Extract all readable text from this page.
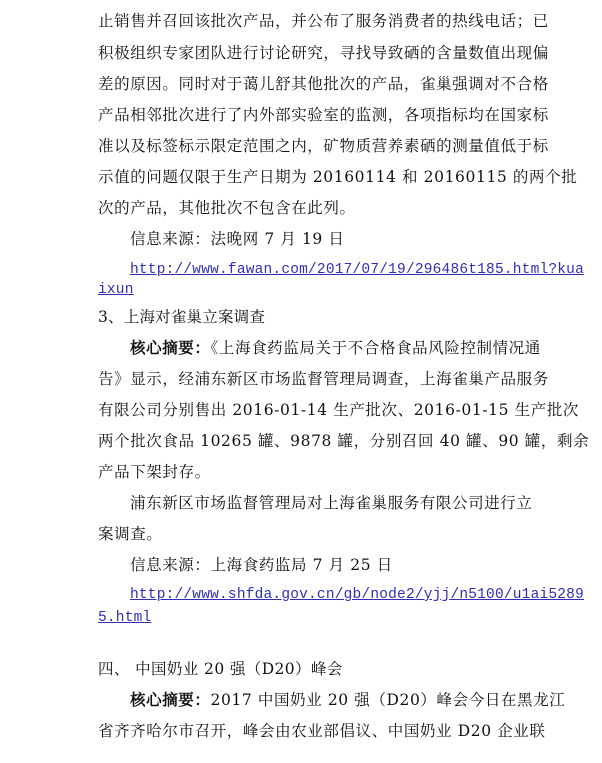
止销售并召回该批次产品，并公布了服务消费者的热线电话；已
积极组织专家团队进行讨论研究，寻找导致硒的含量数值出现偏
差的原因。同时对于蔼儿舒其他批次的产品，雀巢强调对不合格
产品相邻批次进行了内外部实验室的监测，各项指标均在国家标
准以及标签标示限定范围之内，矿物质营养素硒的测量值低于标
示值的问题仅限于生产日期为 20160114 和 20160115 的两个批
次的产品，其他批次不包含在此列。
信息来源：法晚网 7 月 19 日
http://www.fawan.com/2017/07/19/296486t185.html?kua
ixun
3、上海对雀巢立案调查
核心摘要：《上海食药监局关于不合格食品风险控制情况通
告》显示，经浦东新区市场监督管理局调查，上海雀巢产品服务
有限公司分别售出 2016-01-14 生产批次、2016-01-15 生产批次
两个批次食品 10265 罐、9878 罐，分别召回 40 罐、90 罐，剩余
产品下架封存。
浦东新区市场监督管理局对上海雀巢服务有限公司进行立
案调查。
信息来源：上海食药监局 7 月 25 日
http://www.shfda.gov.cn/gb/node2/yjj/n5100/u1ai5289
5.html
四、 中国奶业 20 强（D20）峰会
核心摘要：2017 中国奶业 20 强（D20）峰会今日在黑龙江
省齐齐哈尔市召开，峰会由农业部倡议、中国奶业 D20 企业联
